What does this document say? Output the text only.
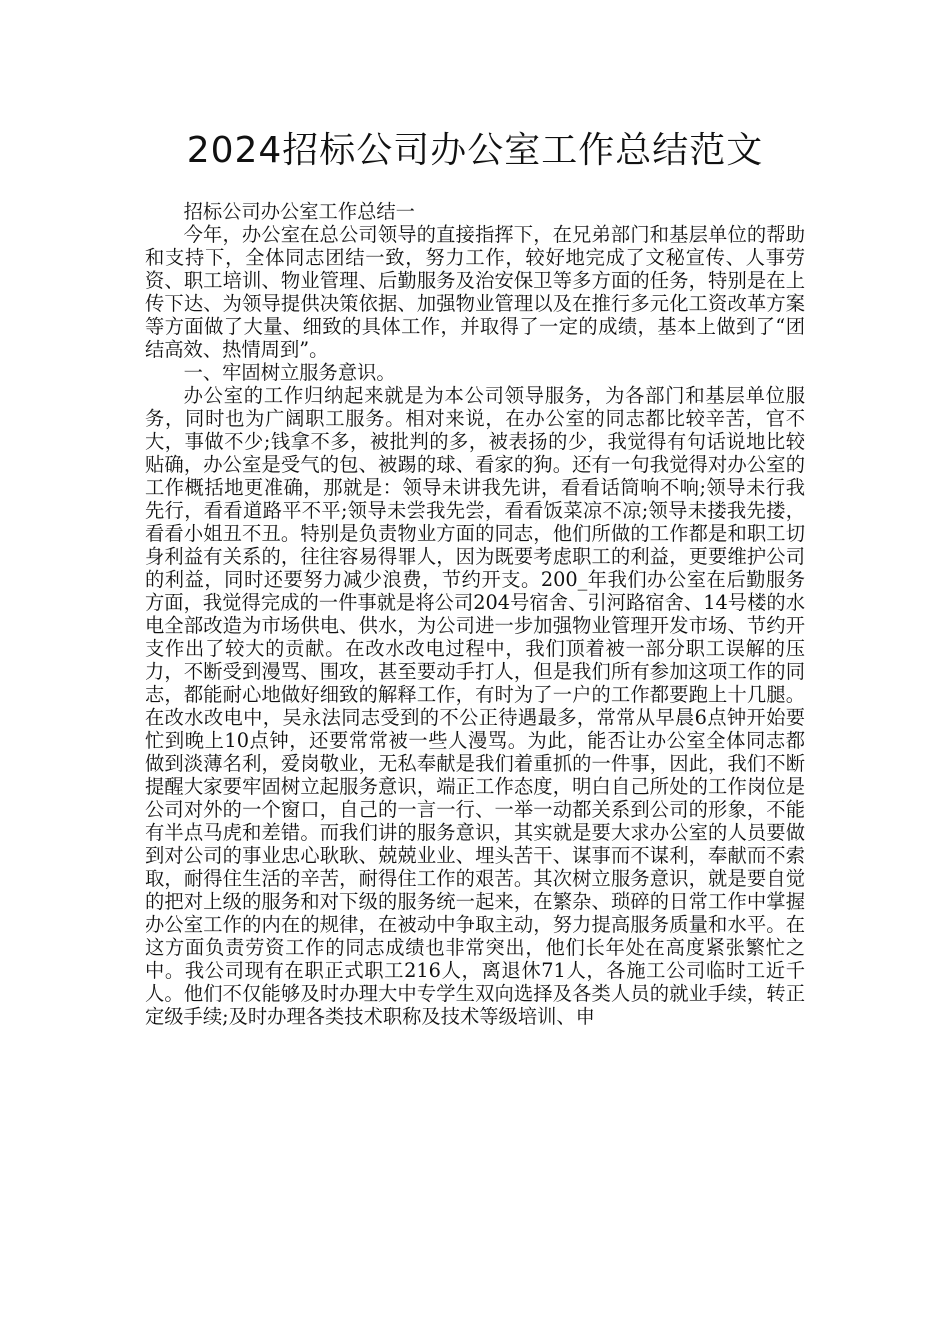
2024招标公司办公室工作总结范文

招标公司办公室工作总结一

今年，办公室在总公司领导的直接指挥下，在兄弟部门和基层单位的帮助和支持下，全体同志团结一致，努力工作，较好地完成了文秘宣传、人事劳资、职工培训、物业管理、后勤服务及治安保卫等多方面的任务，特别是在上传下达、为领导提供决策依据、加强物业管理以及在推行多元化工资改革方案等方面做了大量、细致的具体工作，并取得了一定的成绩，基本上做到了“团结高效、热情周到”。

一、牢固树立服务意识。

办公室的工作归纳起来就是为本公司领导服务，为各部门和基层单位服务，同时也为广阔职工服务。相对来说，在办公室的同志都比较辛苦，官不大，事做不少;钱拿不多，被批判的多，被表扬的少，我觉得有句话说地比较贴确，办公室是受气的包、被踢的球、看家的狗。还有一句我觉得对办公室的工作概括地更准确，那就是：领导未讲我先讲，看看话筒响不响;领导未行我先行，看看道路平不平;领导未尝我先尝，看看饭菜凉不凉;领导未搂我先搂，看看小姐丑不丑。特别是负责物业方面的同志，他们所做的工作都是和职工切身利益有关系的，往往容易得罪人，因为既要考虑职工的利益，更要维护公司的利益，同时还要努力减少浪费，节约开支。200_年我们办公室在后勤服务方面，我觉得完成的一件事就是将公司204号宿舍、引河路宿舍、14号楼的水电全部改造为市场供电、供水，为公司进一步加强物业管理开发市场、节约开支作出了较大的贡献。在改水改电过程中，我们顶着被一部分职工误解的压力，不断受到漫骂、围攻，甚至要动手打人，但是我们所有参加这项工作的同志，都能耐心地做好细致的解释工作，有时为了一户的工作都要跑上十几腿。在改水改电中，吴永法同志受到的不公正待遇最多，常常从早晨6点钟开始要忙到晚上10点钟，还要常常被一些人漫骂。为此，能否让办公室全体同志都做到淡薄名利，爱岗敬业，无私奉献是我们着重抓的一件事，因此，我们不断提醒大家要牢固树立起服务意识，端正工作态度，明白自己所处的工作岗位是公司对外的一个窗口，自己的一言一行、一举一动都关系到公司的形象，不能有半点马虎和差错。而我们讲的服务意识，其实就是要大求办公室的人员要做到对公司的事业忠心耿耿、兢兢业业、埋头苦干、谋事而不谋利，奉献而不索取，耐得住生活的辛苦，耐得住工作的艰苦。其次树立服务意识，就是要自觉的把对上级的服务和对下级的服务统一起来，在繁杂、琐碎的日常工作中掌握办公室工作的内在的规律，在被动中争取主动，努力提高服务质量和水平。在这方面负责劳资工作的同志成绩也非常突出，他们长年处在高度紧张繁忙之中。我公司现有在职正式职工216人，离退休71人，各施工公司临时工近千人。他们不仅能够及时办理大中专学生双向选择及各类人员的就业手续，转正定级手续;及时办理各类技术职称及技术等级培训、申
